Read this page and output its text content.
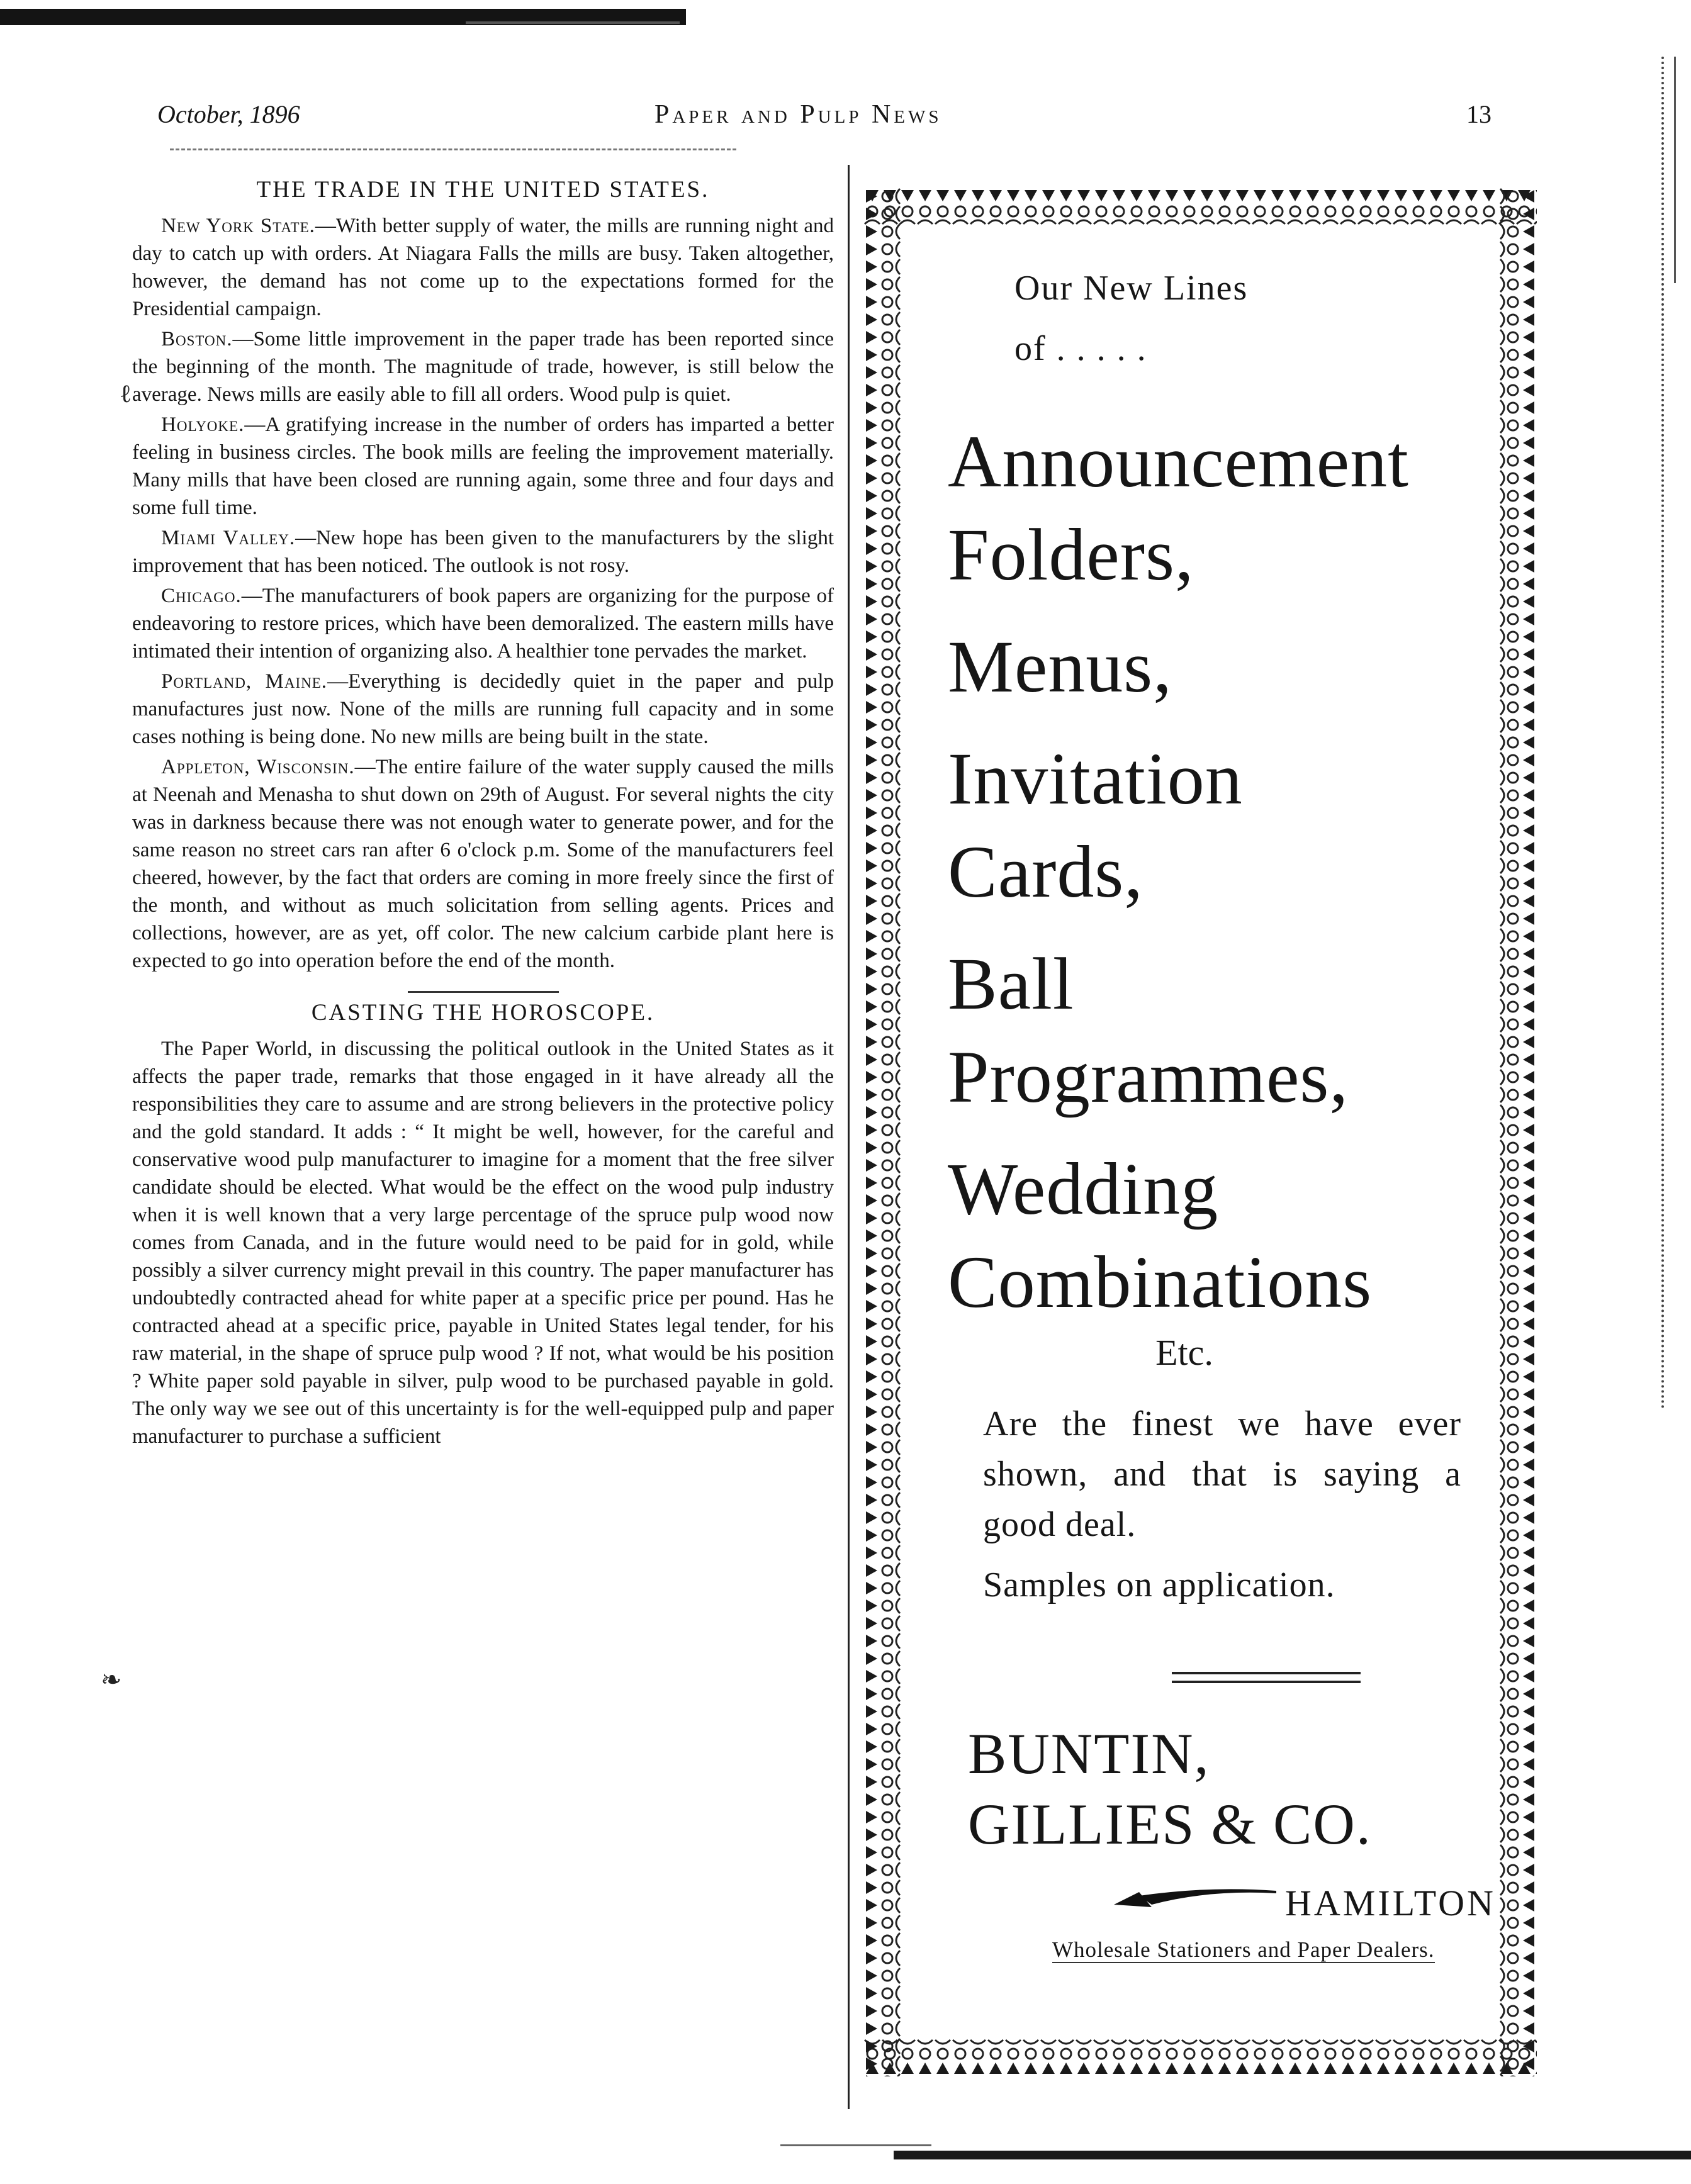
October, 1896	Paper and Pulp News	13
THE TRADE IN THE UNITED STATES.

New York State.—With better supply of water, the mills are running night and day to catch up with orders. At Niagara Falls the mills are busy. Taken altogether, however, the demand has not come up to the expectations formed for the Presidential campaign.

Boston.—Some little improvement in the paper trade has been reported since the beginning of the month. The magnitude of trade, however, is still below the average. News mills are easily able to fill all orders. Wood pulp is quiet.

Holyoke.—A gratifying increase in the number of orders has imparted a better feeling in business circles. The book mills are feeling the improvement materially. Many mills that have been closed are running again, some three and four days and some full time.

Miami Valley.—New hope has been given to the manufacturers by the slight improvement that has been noticed. The outlook is not rosy.

Chicago.—The manufacturers of book papers are organizing for the purpose of endeavoring to restore prices, which have been demoralized. The eastern mills have intimated their intention of organizing also. A healthier tone pervades the market.

Portland, Maine.—Everything is decidedly quiet in the paper and pulp manufactures just now. None of the mills are running full capacity and in some cases nothing is being done. No new mills are being built in the state.

Appleton, Wisconsin.—The entire failure of the water supply caused the mills at Neenah and Menasha to shut down on 29th of August. For several nights the city was in darkness because there was not enough water to generate power, and for the same reason no street cars ran after 6 o'clock p.m. Some of the manufacturers feel cheered, however, by the fact that orders are coming in more freely since the first of the month, and without as much solicitation from selling agents. Prices and collections, however, are as yet, off color. The new calcium carbide plant here is expected to go into operation before the end of the month.

CASTING THE HOROSCOPE.

The Paper World, in discussing the political outlook in the United States as it affects the paper trade, remarks that those engaged in it have already all the responsibilities they care to assume and are strong believers in the protective policy and the gold standard. It adds : “ It might be well, however, for the careful and conservative wood pulp manufacturer to imagine for a moment that the free silver candidate should be elected. What would be the effect on the wood pulp industry when it is well known that a very large percentage of the spruce pulp wood now comes from Canada, and in the future would need to be paid for in gold, while possibly a silver currency might prevail in this country. The paper manufacturer has undoubtedly contracted ahead for white paper at a specific price per pound. Has he contracted ahead at a specific price, payable in United States legal tender, for his raw material, in the shape of spruce pulp wood ? If not, what would be his position ? White paper sold payable in silver, pulp wood to be purchased payable in gold. The only way we see out of this uncertainty is for the well-equipped pulp and paper manufacturer to purchase a sufficient

ℓ
❧
Our New Lines
of . . . . .
Announcement
Folders,
Menus,
Invitation
Cards,
Ball
Programmes,
Wedding
Combinations
Etc.
Are the finest we have ever shown, and that is saying a good deal.
Samples on application.
BUNTIN,
GILLIES & CO.
HAMILTON
Wholesale Stationers and Paper Dealers.
